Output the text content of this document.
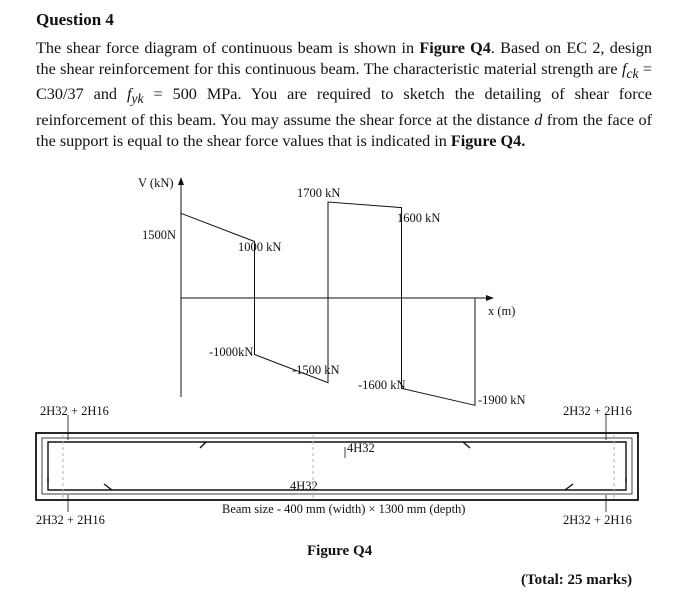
Question 4
The shear force diagram of continuous beam is shown in Figure Q4. Based on EC 2, design the shear reinforcement for this continuous beam. The characteristic material strength are $f_{ck} = C30/37$ and $f_{yk} = 500$ MPa. You are required to sketch the detailing of shear force reinforcement of this beam. You may assume the shear force at the distance d from the face of the support is equal to the shear force values that is indicated in Figure Q4.
V (kN)
x (m)
1500N
1000 kN
-1000kN
-1500 kN
1700 kN
1600 kN
-1600 kN
-1900 kN
2H32 + 2H16	2H32 + 2H16
2H32 + 2H16	2H32 + 2H16
4H32
4H32
Beam size - 400 mm (width) × 1300 mm (depth)
Figure Q4
(Total: 25 marks)
